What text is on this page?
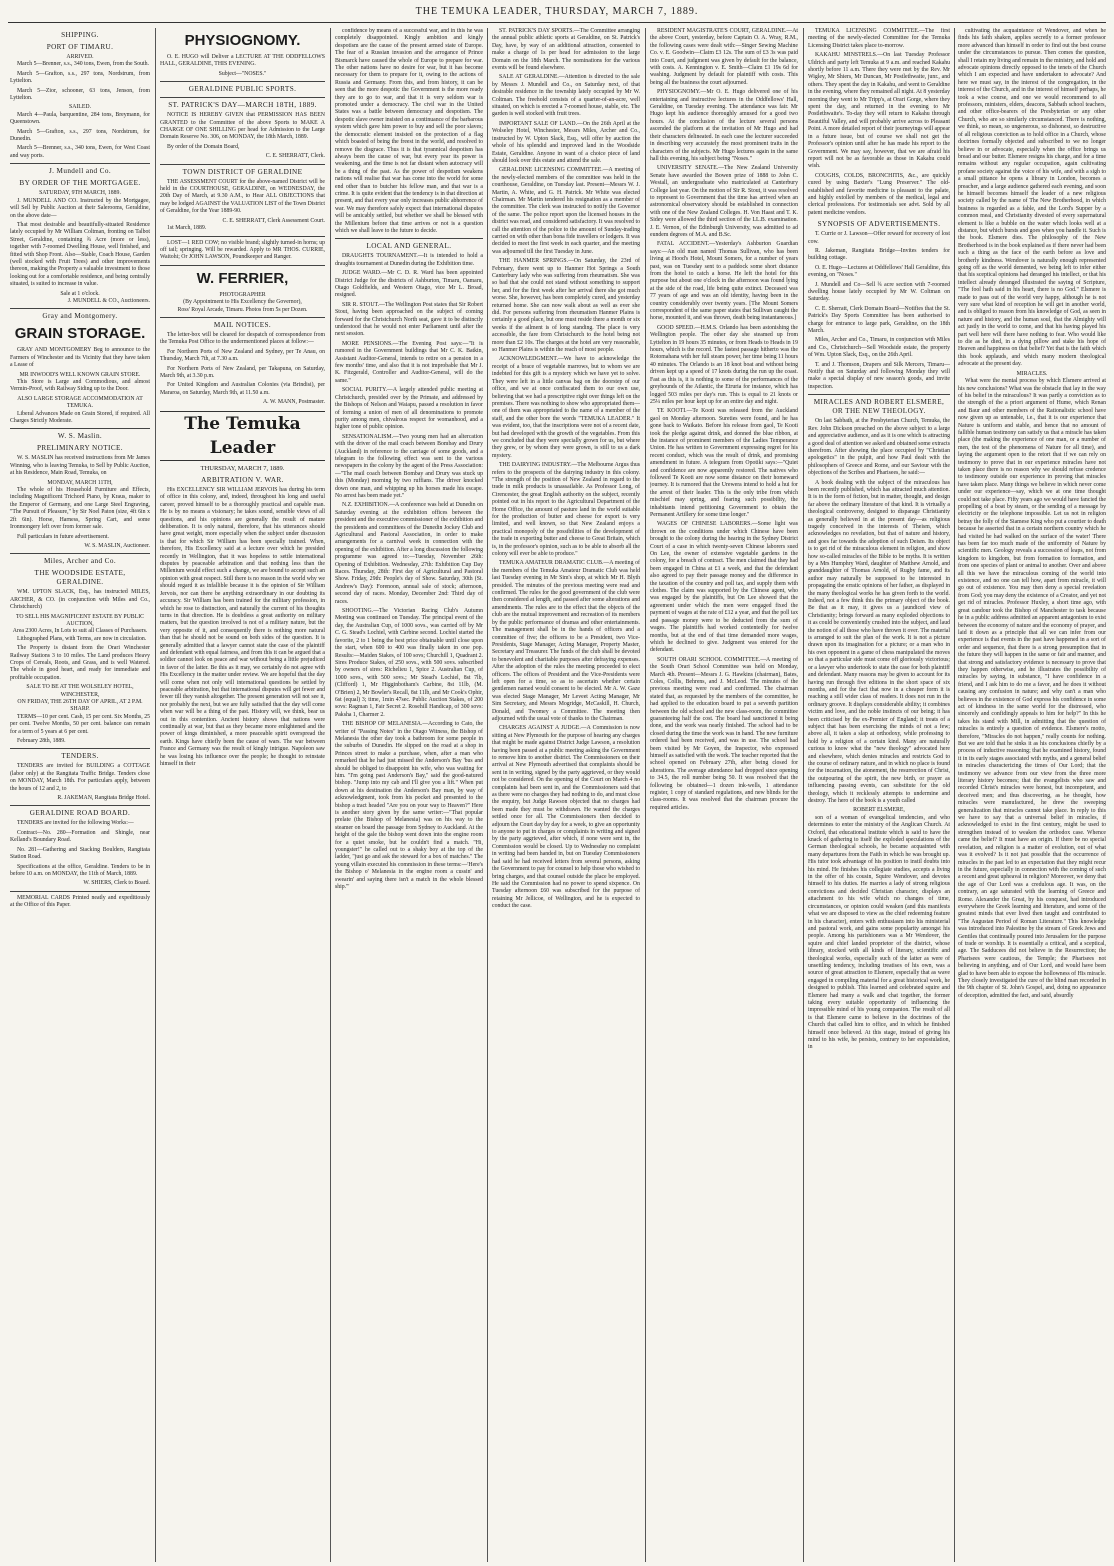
THE TEMUKA LEADER, THURSDAY, MARCH 7, 1889.
SHIPPING.
PORT OF TIMARU.
ARRIVED.

March 5—Brenner, s.s., 340 tons, Ewen, from the South.

March 5—Grafton, s.s., 297 tons, Nordstrum, from Lyttelton.

March 5—Zior, schooner, 63 tons, Jenson, from Lyttelton.

SAILED.

March 4—Paula, barquentine, 284 tons, Breymann, for Queenstown.

March 5—Grafton, s.s., 297 tons, Nordstrum, for Dunedin.

March 5—Brenner, s.s., 340 tons, Ewen, for West Coast and way ports.

J. Mundell and Co.
BY ORDER OF THE MORTGAGEE.
SATURDAY, 9TH MARCH, 1889.

J. MUNDELL AND CO. Instructed by the Mortgagee, will Sell by Public Auction at their Salerooms, Geraldine, on the above date—

That most desirable and beautifully-situated Residence lately occupied by Mr William Coltman, fronting on Talbot Street, Geraldine, containing ¾ Acre (more or less), together with 7-roomed Dwelling House, well finished, and fitted with Shop Front. Also—Stable, Coach House, Garden (well stocked with Fruit Trees) and other improvements thereon, making the Property a valuable investment to those looking out for a comfortable residence, and being centrally situated, is suited to increase in value.

Sale at 1 o'clock.
J. MUNDELL & CO., Auctioneers.
Gray and Montgomery.
GRAIN STORAGE.

GRAY AND MONTGOMERY Beg to announce to the Farmers of Winchester and its Vicinity that they have taken a Lease of

MR INWOOD'S WELL KNOWN GRAIN STORE.

This Store is Large and Commodious, and almost Vermin-Proof, with Railway Siding up to the Door.

ALSO LARGE STORAGE ACCOMMODATION AT TEMUKA.

Liberal Advances Made on Grain Stored, if required. All Charges Strictly Moderate.

W. S. Maslin.
PRELIMINARY NOTICE.

W. S. MASLIN has received instructions from Mr James Winning, who is leaving Temuka, to Sell by Public Auction, at his Residence, Main Road, Temuka, on

MONDAY, MARCH 11TH,

The whole of his Household Furniture and Effects, including Magnificent Trichord Piano, by Kraus, maker to the Emperor of Germany, and one Large Steel Engraving, "The Pursuit of Pleasure," by Sir Noel Paton (size, 4ft 6in x 2ft 6in). Horse, Harness, Spring Cart, and some Ironmongery left over from former sale.

Full particulars in future advertisement.

W. S. MASLIN, Auctioneer.
Miles, Archer and Co.
THE WOODSIDE ESTATE, GERALDINE.

WM. UPTON SLACK, Esq., has instructed MILES, ARCHER, & CO. (in conjunction with Miles and Co., Christchurch)

TO SELL HIS MAGNIFICENT ESTATE BY PUBLIC AUCTION,
Area 2300 Acres, In Lots to suit all Classes of Purchasers.

Lithographed Plans, with Terms, are now in circulation.

The Property is distant from the Orari Winchester Railway Stations 3 to 10 miles. The Land produces Heavy Crops of Cereals, Roots, and Grass, and is well Watered. The whole in good heart, and ready for immediate and profitable occupation.

SALE TO BE AT THE WOLSELEY HOTEL, WINCHESTER,
ON FRIDAY, THE 26TH DAY OF APRIL, AT 2 P.M. SHARP.

TERMS—10 per cent. Cash, 15 per cent. Six Months, 25 per cent. Twelve Months, 50 per cent. balance can remain for a term of 5 years at 6 per cent.

February 28th, 1889.

TENDERS.

TENDERS are invited for BUILDING a COTTAGE (labor only) at the Rangitata Traffic Bridge. Tenders close on MONDAY, March 18th. For particulars apply, between the hours of 12 and 2, to

R. JAKEMAN, Rangitata Bridge Hotel.
GERALDINE ROAD BOARD.

TENDERS are invited for the following Works:—

Contract—No. 280—Formation and Shingle, near Kelland's Boundary Road.

No. 281—Gathering and Stacking Boulders, Rangitata Station Road.

Specifications at the office, Geraldine. Tenders to be in before 10 a.m. on MONDAY, the 11th of March, 1889.

W. SHIERS, Clerk to Board.

MEMORIAL CARDS Printed neatly and expeditiously at the Office of this Paper.

PHYSIOGNOMY.

O. E. HUGO will Deliver a LECTURE AT THE ODDFELLOWS HALL, GERALDINE, THIS EVENING.

Subject—"NOSES."
GERALDINE PUBLIC SPORTS.
ST. PATRICK'S DAY—MARCH 18TH, 1889.

NOTICE IS HEREBY GIVEN that PERMISSION HAS BEEN GRANTED to the Committee of the above Sports to MAKE A CHARGE OF ONE SHILLING per head for Admission to the Large Domain Reserve No. 306, on MONDAY, the 18th March, 1889.

By order of the Domain Board,

C. E. SHERRATT, Clerk.
TOWN DISTRICT OF GERALDINE

THE ASSESSMENT COURT for the above-named District will be held in the COURTHOUSE, GERALDINE, on WEDNESDAY, the 20th Day of March, at 9.30 A.M., to Hear ALL OBJECTIONS that may be lodged AGAINST the VALUATION LIST of the Town District of Geraldine, for the Year 1889-90.

C. E. SHERRATT, Clerk Assessment Court.

1st March, 1889.

LOST—1 RED COW; no visible brand; slightly turned-in horns; up off tail; springing. Will be rewarded. Apply to MR THOS. CURRIE, Waitohi; Or JOHN LAWSON, Poundkeeper and Ranger.

W. FERRIER,
PHOTOGRAPHER
(By Appointment to His Excellency the Governor),
Ross' Royal Arcade, Timaru. Photos from 5s per Dozen.
MAIL NOTICES.

The letter-box will be cleared for despatch of correspondence from the Temuka Post Office to the undermentioned places at follow:—

For Northern Ports of New Zealand and Sydney, per Te Anau, on Thursday, March 7th, at 7.30 a.m.

For Northern Ports of New Zealand, per Takapuna, on Saturday, March 9th, at 3.30 p.m.

For United Kingdom and Australian Colonies (via Brindisi), per Mararoa, on Saturday, March 9th, at 11.50 a.m.

A. W. MANN, Postmaster.
The Temuka Leader
THURSDAY, MARCH 7, 1889.
ARBITRATION V. WAR.

His EXCELLENCY SIR WILLIAM JERVOIS has during his term of office in this colony, and, indeed, throughout his long and useful career, proved himself to be a thoroughly practical and capable man. He is by no means a visionary; he takes sound, sensible views of all questions, and his opinions are generally the result of mature deliberation. It is only natural, therefore, that his utterances should have great weight, more especially when the subject under discussion is that for which Sir William has been specially trained. When, therefore, His Excellency said at a lecture over which he presided recently in Wellington, that it was hopeless to settle international disputes by peaceable arbitration and that nothing less than the Millenium would effect such a change, we are bound to accept such an opinion with great respect. Still there is no reason in the world why we should regard it as infallible because it is the opinion of Sir William Jervois, nor can there be anything extraordinary in our doubting its accuracy. Sir William has been trained for the military profession, in which he rose to distinction, and naturally the current of his thoughts turns in that direction. He is doubtless a great authority on military matters, but the question involved is not of a military nature, but the very opposite of it, and consequently there is nothing more natural than that he should not be sound on both sides of the question. It is generally admitted that a lawyer cannot state the case of the plaintiff and defendant with equal fairness, and from this it can be argued that a soldier cannot look on peace and war without being a little prejudiced in favor of the latter. Be this as it may, we certainly do not agree with His Excellency in the matter under review. We are hopeful that the day will come when not only will international questions be settled by peaceable arbitration, but that international disputes will get fewer and fewer till they vanish altogether. The present generation will not see it, nor probably the next, but we are fully satisfied that the day will come when war will be a thing of the past. History will, we think, bear us out in this contention. Ancient history shows that nations were continually at war, but that as they became more enlightened and the power of kings diminished, a more peaceable spirit overspread the earth. Kings have chiefly been the cause of wars. The war between France and Germany was the result of kingly intrigue. Napoleon saw he was losing his influence over the people; he thought to reinstate himself in their

confidence by means of a successful war, and in this he was completely disappointed. Kingly ambition and kingly despotism are the cause of the present armed state of Europe. The fear of a Russian invasion and the arrogance of Prince Bismarck have caused the whole of Europe to prepare for war. The other nations have no desire for war, but it has become necessary for them to prepare for it, owing to the actions of Russia and Germany. From this, and from history, it can be seen that the more despotic the Government is the more ready they are to go to war, and that it is very seldom war is promoted under a democracy. The civil war in the United States was a battle between democracy and despotism. The despotic slave owner insisted on a continuance of the barbarous system which gave him power to buy and sell the poor slaves; the democratic element insisted on the protection of a flag which boasted of being the freest in the world, and resolved to remove the disgrace. Thus it is that tyrannical despotism has always been the cause of war, but every year its power is weakening, and the time is not far distant when autocracy will be a thing of the past. As the power of despotism weakens nations will realise that war has come into the world for some end other than to butcher his fellow man, and that war is a crime. It is quite evident that the tendency is in that direction at present, and that every year only increases public abhorrence of war. We may therefore safely expect that international disputes will be amicably settled, but whether we shall be blessed with the Millenium before that time arrives or not is a question which we shall leave to the future to decide.

LOCAL AND GENERAL.

DRAUGHTS TOURNAMENT.—It is intended to hold a draughts tournament at Dunedin during the Exhibition time.

JUDGE WARD.—Mr C. D. R. Ward has been appointed District Judge for the districts of Ashburton, Timaru, Oamaru, Otago Goldfields, and Western Otago, vice Mr L. Broad, resigned.

SIR R. STOUT.—The Wellington Post states that Sir Robert Stout, having been approached on the subject of coming forward for the Christchurch North seat, gave it to be distinctly understood that he would not enter Parliament until after the next session.

MORE PENSIONS.—The Evening Post says:—"It is rumored in the Government buildings that Mr C. K. Batkin, Assistant Auditor-General, intends to retire on a pension in a few months' time, and also that it is not improbable that Mr J. K. Fitzgerald, Controller and Auditor-General, will do the same."

SOCIAL PURITY.—A largely attended public meeting at Christchurch, presided over by the Primate, and addressed by the Bishops of Nelson and Waiapu, passed a resolution in favor of forming a union of men of all denominations to promote purity among men, chivalrous respect for womanhood, and a higher tone of public opinion.

SENSATIONALISM.—Two young men had an altercation with the driver of the mail coach between Bombay and Drury (Auckland) in reference to the carriage of some goods, and a telegram to the following effect was sent to the various newspapers in the colony by the agent of the Press Association:—"The mail coach between Bombay and Drury was stuck up this (Monday) morning by two ruffians. The driver knocked down one man, and whipping up his horses made his escape. No arrest has been made yet."

N.Z. EXHIBITION.—A conference was held at Dunedin on Saturday evening at the exhibition offices between the president and the executive commissioner of the exhibition and the presidents and committees of the Dunedin Jockey Club and Agricultural and Pastoral Association, in order to make arrangements for a carnival week in connection with the opening of the exhibition. After a long discussion the following programme was agreed to:—Tuesday, November 26th: Opening of Exhibition. Wednesday, 27th: Exhibition Cup Day Races. Thursday, 28th: First day of Agricultural and Pastoral Show. Friday, 29th: People's day of Show. Saturday, 30th (St. Andrew's Day): Forenoon, annual sale of stock; afternoon, second day of races. Monday, December 2nd: Third day of races.

SHOOTING.—The Victorian Racing Club's Autumn Meeting was continued on Tuesday. The principal event of the day, the Australian Cup, of 1000 sovs., was carried off by Mr C. G. Stead's Lochiel, with Carbine second. Lochiel started the favorite, 2 to 1 being the best price obtainable until close upon the start, when 600 to 400 was finally taken in one pop. Results:—Maiden Stakes, of 100 sovs; Churchill 1, Quadrant 2. Sires Produce Stakes, of 250 sovs., with 500 sovs. subscribed by owners of sires: Richelieu 1, Spice 2. Australian Cup, of 1000 sovs., with 500 sovs.; Mr Stead's Lochiel, 8st 7lb, (Clifford) 1, Mr Higginbotham's Carbine, 8st 11lb, (M. O'Brien) 2, Mr Bowler's Recall, 8st 11lb, and Mr Cook's Ophir, 6st (equal) 3; time, 1min 47sec. Public Auction Stakes, of 200 sovs: Ragman 1, Fair Secret 2. Rosehill Handicap, of 300 sovs: Paksha 1, Charmer 2.

THE BISHOP OF MELANESIA.—According to Cato, the writer of "Passing Notes" in the Otago Witness, the Bishop of Melanesia the other day took a bathroom for some people in the suburbs of Dunedin. He slipped on the road at a shop in Princes street to make a purchase, when, after a man who remarked that he had just missed the Anderson's Bay 'bus and should be obliged to disappoint his wife, who was waiting for him. "I'm going past Anderson's Bay," said the good-natured bishop. "Jump into my cab and I'll give you a lift." When put down at his destination the Anderson's Bay man, by way of acknowledgment, took from his pocket and presented to the bishop a tract headed "Are you on your way to Heaven?" Here is another story given by the same writer:—"That popular prelate (the Bishop of Melanesia) was on his way to the steamer on board the passage from Sydney to Auckland. At the height of the gale the bishop went down into the engine room for a quiet smoke, but he couldn't find a match. "Hi, youngster!" he called out to a shaky boy at the top of the ladder, "just go and ask the steward for a box of matches." The young villain executed his commission in these terms:—'Here's the Bishop o' Melanesia in the engine room a cussin' and swearin' and saying there isn't a match in the whole blessed ship.'"

ST. PATRICK'S DAY SPORTS.—The Committee arranging the annual public athletic sports at Geraldine, on St. Patrick's Day, have, by way of an additional attraction, consented to make a charge of 1s per head for admission to the large Domain on the 18th March. The nominations for the various events will be found elsewhere.

SALE AT GERALDINE.—Attention is directed to the sale by Messrs J. Mundell and Co., on Saturday next, of that desirable residence in the township lately occupied by Mr W. Coltman. The freehold consists of a quarter-of-an-acre, well situated, on which is erected a 7-roomed house, stable, etc. The garden is well stocked with fruit trees.

IMPORTANT SALE OF LAND.—On the 26th April at the Wolseley Hotel, Winchester, Messrs Miles, Archer and Co., instructed by W. Upton Slack, Esq., will offer by auction the whole of his splendid and improved land in the Woodside Estate, Geraldine. Anyone in want of a choice piece of land should look over this estate and attend the sale.

GERALDINE LICENSING COMMITTEE.—A meeting of the newly-elected members of the committee was held in the courthouse, Geraldine, on Tuesday last. Present—Messrs W. J. Martin, A. White, and G. H. Patrick. Mr White was elected Chairman. Mr Martin tendered his resignation as a member of the committee. The clerk was instructed to notify the Governor of the same. The police report upon the licensed houses in the district was read, and considered satisfactory. It was resolved to call the attention of the police to the amount of Sunday-trading carried on with other than bona fide travellers or lodgers. It was decided to meet the first week in each quarter, and the meeting was adjourned till the first Tuesday in June.

THE HANMER SPRINGS.—On Saturday, the 23rd of February, there went up to Hanmer Hot Springs a South Canterbury lady who was suffering from rheumatism. She was so bad that she could not stand without something to support her, and for the first week after her arrival there she got much worse. She, however, has been completely cured, and yesterday returned home. She can now walk about as well as ever she did. For persons suffering from rheumatism Hanmer Plains is certainly a good place, but one must reside there a month or six weeks if the ailment is of long standing. The place is very accessible, the fare from Christchurch to the hotel being not more than £2 10s. The charges at the hotel are very reasonable, so Hanmer Plains is within the reach of most people.

ACKNOWLEDGMENT.—We have to acknowledge the receipt of a brace of vegetable marrows, but to whom we are indebted for this gift is a mystery which we have yet to solve. They were left in a little canvas bag on the doorstep of our office, and we at once confiscated them to our own use, believing that we had a prescriptive right over things left on the premises. There was nothing to show who appropriated them—one of them was appropriated to the name of a member of the staff, and the other bore the words "TEMUKA LEADER." It was evident, too, that the inscriptions were not of a recent date, but had developed with the growth of the vegetables. From this we concluded that they were specially grown for us, but where they grew, or by whom they were grown, is still to us a dark mystery.

THE DAIRYING INDUSTRY.—The Melbourne Argus thus refers to the prospects of the dairying industry in this colony. "The strength of the position of New Zealand in regard to the trade in milk products is unassailable. As Professor Long, of Cirencester, the great English authority on the subject, recently pointed out in his report to the Agricultural Department of the Home Office, the amount of pasture land in the world suitable for the production of butter and cheese for export is very limited, and well known, so that New Zealand enjoys a practical monopoly of the possibilities of the development of the trade in exporting butter and cheese to Great Britain, which is, in the professor's opinion, such as to be able to absorb all the colony will ever be able to produce."

TEMUKA AMATEUR DRAMATIC CLUB.—A meeting of the members of the Temuka Amateur Dramatic Club was held last Tuesday evening in Mr Sim's shop, at which Mr H. Blyth presided. The minutes of the previous meeting were read and confirmed. The rules for the good government of the club were then considered at length, and passed after some alterations and amendments. The rules are to the effect that the objects of the club are the mutual improvement and recreation of its members by the public performance of dramas and other entertainments. The management shall be in the hands of officers and a committee of five; the officers to be a President, two Vice-Presidents, Stage Manager, Acting Manager, Property Master, Secretary and Treasurer. The funds of the club shall be devoted to benevolent and charitable purposes after defraying expenses. After the adoption of the rules the meeting proceeded to elect officers. The offices of President and the Vice-Presidents were left open for a time, so as to ascertain whether certain gentlemen named would consent to be elected. Mr A. W. Gaze was elected Stage Manager, Mr Leveet Acting Manager, Mr Sim Secretary, and Messrs Mogridge, McCaskill, H. Church, Donald, and Twomey a Committee. The meeting then adjourned with the usual vote of thanks to the Chairman.

CHARGES AGAINST A JUDGE.—A Commission is now sitting at New Plymouth for the purpose of hearing any charges that might be made against District Judge Lawson, a resolution having been passed at a public meeting asking the Government to remove him to another district. The Commissioners on their arrival at New Plymouth advertised that complaints should be sent in in writing, signed by the party aggrieved, or they would not be considered. On the opening of the Court on March 4 no complaints had been sent in, and the Commissioners said that as there were no charges they had nothing to do, and must close the enquiry, but Judge Rawson objected that no charges had been made they must be withdrawn. He wanted the charges settled once for all. The Commissioners then decided to adjourn the Court day by day for a week, to give an opportunity to anyone to put in charges or complaints in writing and signed by the party aggrieved, after which, if none were sent in, the Commission would be closed. Up to Wednesday no complaint in writing had been handed in, but on Tuesday Commissioners had said he had received letters from several persons, asking the Government to pay for counsel to help those who wished to bring charges, and that counsel outside the place be employed. He said the Commission had no power to spend sixpence. On Tuesday afternoon £60 was subscribed for the purpose of retaining Mr Jellicoe, of Wellington, and he is expected to conduct the case.

RESIDENT MAGISTRATE'S COURT, GERALDINE.—At the above Court, yesterday, before Captain O. A. Wray, R.M., the following cases were dealt with:—Singer Sewing Machine Co. v. E. Goodwin—Claim £3 12s. The sum of £3 3s was paid into Court, and judgment was given by default for the balance, with costs. A. Kennington v. E. Smith—Claim £1 19s 6d for washing. Judgment by default for plaintiff with costs. This being all the business the court adjourned.

PHYSIOGNOMY.—Mr O. E. Hugo delivered one of his entertaining and instructive lectures in the Oddfellows' Hall, Geraldine, on Tuesday evening. The attendance was fair. Mr Hugo kept his audience thoroughly amused for a good two hours. At the conclusion of the lecture several persons ascended the platform at the invitation of Mr Hugo and had their characters delineated. In each case the lecturer succeeded in describing very accurately the most prominent traits in the characters of the subjects. Mr Hugo lectures again in the same hall this evening, his subject being "Noses."

UNIVERSITY SENATE.—The New Zealand University Senate have awarded the Bowen prize of 1888 to John C. Westall, an undergraduate who matriculated at Canterbury College last year. On the motion of Sir R. Stout, it was resolved to represent to Government that the time has arrived when an astronomical observatory should be established in connection with one of the New Zealand Colleges. H. Von Haast and T. K. Sidey were allowed the third section of the LL.B. examination. J. E. Vernon, of the Edinburgh University, was admitted to ad eundem degrees of M.A. and B.Sc.

FATAL ACCIDENT.—Yesterday's Ashburton Guardian says:—An old man named Thomas Sullivan, who has been living at Hood's Hotel, Mount Somers, for a number of years past, was on Tuesday sent to a paddock some short distance from the hotel to catch a horse. He left the hotel for this purpose but about one o'clock in the afternoon was found lying at the side of the road, life being quite extinct. Deceased was 77 years of age and was an old identity, having been in the country considerably over twenty years. [The Mount Somers correspondent of the same paper states that Sullivan caught the horse, mounted it, and was thrown, death being instantaneous.]

GOOD SPEED.—H.M.S. Orlando has been astonishing the Wellington people. The other day she steamed up from Lyttelton in 19 hours 35 minutes, or from Heads to Heads in 19 hours, which is the record. The fastest passage hitherto was the Rotomahana with her full steam power, her time being 11 hours 40 minutes. The Orlando is an 18 knot boat and without being driven kept up a speed of 17 knots during the run up the coast. Fast as this is, it is nothing to some of the performances of the greyhounds of the Atlantic, the Etruria for instance, which has logged 503 miles per day's run. This is equal to 21 knots or 25¼ miles per hour kept up for an entire day and night.

TE KOOTI.—Te Kooti was released from the Auckland gaol on Monday afternoon. Sureties were found, and he has gone back to Waikato. Before his release from gaol, Te Kooti took the pledge against drink, and donned the blue ribbon, at the instance of prominent members of the Ladies Temperance Union. He has written to Government expressing regret for his recent conduct, which was the result of drink, and promising amendment in future. A telegram from Opotiki says:—"Quiet and confidence are now apparently restored. The natives who followed Te Kooti are now some distance on their homeward journey. It is rumored that the Urewera intend to hold a hui for the arrest of their leader. This is the only tribe from which mischief may spring, and fearing such possibility, the inhabitants intend petitioning Government to obtain the Permanent Artillery for some time longer."

WAGES OF CHINESE LABORERS.—Some light was thrown on the conditions under which Chinese have been brought to the colony during the hearing in the Sydney District Court of a case in which twenty-seven Chinese laborers sued On Lee, the owner of extensive vegetable gardens in the colony, for a breach of contract. The men claimed that they had been engaged in China at £1 a week, and that the defendant also agreed to pay their passage money and the difference in the taxation of the country and poll tax, and supply them with clothes. The claim was supported by the Chinese agent, who was engaged by the plaintiffs, but On Lee showed that the agreement under which the men were engaged fixed the payment of wages at the rate of £12 a year, and that the poll tax and passage money were to be deducted from the sum of wages. The plaintiffs had worked contentedly for twelve months, but at the end of that time demanded more wages, which he declined to give. Judgment was entered for the defendant.

SOUTH ORARI SCHOOL COMMITTEE.—A meeting of the South Orari School Committee was held on Monday, March 4th. Present—Messrs J. G. Hawkins (chairman), Bates, Coles, Collis, Behrens, and J. McLeod. The minutes of the previous meeting were read and confirmed. The chairman stated that, as requested by the members of the committee, he had applied to the education board to put a seventh partition between the old school and the new class-room, the committee guaranteeing half the cost. The board had sanctioned it being done, and the work was nearly finished. The school had to be closed during the time the work was in hand. The new furniture ordered had been received, and was in use. The school had been visited by Mr Goyen, the Inspector, who expressed himself as satisfied with the work. The teacher reported that the school opened on February 27th, after being closed for alterations. The average attendance had dropped since opening to 34.5, the roll number being 50. It was resolved that the following be obtained—1 dozen ink-wells, 1 attendance register, 1 copy of standard regulations, and new blinds for the class-rooms. It was resolved that the chairman procure the required articles.

TEMUKA LICENSING COMMITTEE.—The first meeting of the newly-elected Committee for the Temuka Licensing District takes place to-morrow.

KAKAHU MINSTRELS.—On last Tuesday Professor Uldrich and party left Temuka at 9 a.m. and reached Kakahu shortly before 11 a.m. There they were met by the Rev. Mr Wigley, Mr Shiers, Mr Duncan, Mr Postlethwaite, junr., and others. They spent the day in Kakahu, and went to Geraldine in the evening, where they remained all night. At 8 yesterday morning they went to Mr Tripp's, at Orari Gorge, where they spent the day, and returned in the evening to Mr Postlethwaite's. To-day they will return to Kakahu through Beautiful Valley, and will probably arrive across to Pleasant Point. A more detailed report of their journeyings will appear in a future issue, but of course we shall not get the Professor's opinion until after he has made his report to the Government. We may say, however, that we are afraid his report will not be as favorable as those in Kakahu could wish.

COUGHS, COLDS, BRONCHITIS, &c., are quickly cured by using Baxter's "Lung Preserver." The old-established and favorite medicine is pleasant to the palate, and highly extolled by members of the medical, legal and clerical professions. For testimonials see advt. Sold by all patent medicine vendors.

SYNOPSIS OF ADVERTISEMENTS.

T. Currie or J. Lawson—Offer reward for recovery of lost cow.

R. Jakeman, Rangitata Bridge—Invites tenders for building cottage.

O. E. Hugo—Lectures at Oddfellows' Hall Geraldine, this evening, on "Noses."

J. Mundell and Co—Sell ¾ acre section with 7-roomed dwelling house lately occupied by Mr W. Coltman on Saturday.

C. E. Sherratt, Clerk Domain Board—Notifies that the St. Patrick's Day Sports Committee has been authorised to charge for entrance to large park, Geraldine, on the 18th March.

Miles, Archer and Co., Timaru, in conjunction with Miles and Co., Christchurch—Sell Woodside estate, the property of Wm. Upton Slack, Esq., on the 26th April.

T. and J. Thomson, Drapers and Silk Mercers, Timaru—Notify that on Saturday and following Monday they will make a special display of new season's goods, and invite inspection.

MIRACLES AND ROBERT ELSMERE, OR THE NEW THEOLOGY.

On last Sabbath, at the Presbyterian Church, Temuka, the Rev. John Dickson preached on the above subject to a large and appreciative audience, and as it is one which is attracting a good deal of attention we asked and obtained some extracts therefrom. After showing the place occupied by "Christian apologetics" in the pulpit, and how Paul dealt with the philosophers of Greece and Rome, and our Saviour with the objections of the Scribes and Pharisees, he said:—

A book dealing with the subject of the miraculous has been recently published, which has attracted much attention. It is in the form of fiction, but in matter, thought, and design far above the ordinary literature of that kind. It is virtually a theological controversy, designed to disparage Christianity as generally believed in at the present day—as religious tragedy conceived in the interests of Theism, which acknowledges no revelation, but that of nature and history, and goes far towards the adoption of such Deism. Its object is to get rid of the miraculous element in religion, and show how so-called miracles of the Bible to be myths. It is written by a Mrs Humphry Ward, daughter of Matthew Arnold, and granddaughter of Thomas Arnold, of Rugby fame, and its author may naturally be supposed to be interested in propagating the erratic opinions of her father, as displayed in the many theological works he has given forth to the world. Indeed, not a few think this the primary object of the book. Be that as it may, it gives us a jaundiced view of Christianity; brings forward as many exploded objections to it as could be conveniently crushed into the subject, and laud the notion of all those who have thrown it over. The material is arranged to suit the plan of the work. It is not a picture drawn upon its imagination for a picture; or a man who in his own opponent in a game of chess manipulated the moves so that a particular side must come off gloriously victorious; or a lawyer who undertook to state the case for both plaintiff and defendant. Many reasons may be given to account for its having run through five editions in the short space of six months, and for the fact that now in a cheaper form it is reaching a still wider class of readers. It does not run in the ordinary groove. It displays considerable ability; it combines victim and love, and the noble instincts of our being; it has been criticised by the ex-Premier of England; it treats of a subject that has been exercising the minds of not a few; above all, it takes a slap at orthodoxy, while professing to hold by a religion of a certain kind. Many are naturally curious to know what the "new theology" advocated here and elsewhere, which denies miracles and restricts God to the course of ordinary nature, and in which no place is found for the incarnation, the atonement, the resurrection of Christ, the outpouring of the spirit, the new birth, or prayer as influencing passing events, can substitute for the old theology, which it recklessly attempts to undermine and destroy. The hero of the book is a youth called

ROBERT ELSMERE,

son of a woman of evangelical tendencies, and who determines to enter the ministry of the Anglican Church. At Oxford, that educational institute which is said to have the knack of gathering to itself the exploded speculations of the German theological schools, he became acquainted with many departures from the Faith in which he was brought up. His tutor took advantage of his position to instil doubts into his mind. He finishes his collegiate studies, accepts a living in the offer of his cousin, Squire Wendover, and devotes himself to his duties. He marries a lady of strong religious convictions and decided Christian character, displays an attachment to his wife which no changes of time, circumstances, or opinion could weaken (and this manifests what we are disposed to view as the chief redeeming feature in his character), enters with enthusiasm into his ministerial and pastoral work, and gains some popularity amongst his people. Among his parishioners was a Mr Wendover, the squire and chief landed proprietor of the district, whose library, stocked with all kinds of literary, scientific and theological works, especially such of the latter as were of unsettling tendency, including treatises of his own, was a source of great attraction to Elsmere, especially that as wave engaged in compiling material for a great historical work, he designed to publish. This learned and celebrated squire and Elsmere had many a walk and chat together, the former taking every suitable opportunity of influencing the impressible mind of his young companion. The result of all is that Elsmere came to believe in the doctrines of the Church that called him to office, and in which he finished himself once believed. At this stage, instead of giving his mind to his wife, he persists, contrary to her expostulation, in

cultivating the acquaintance of Wendover, and when he finds his faith shaken, applies secretly to a former professor more advanced than himself in order to find out the best course under the circumstances to pursue. Then comes the question, shall I retain my living and remain in the ministry, and hold and advocate opinions directly opposed to the tenets of the Church which I am expected and have undertaken to advocate? And here we must say, in the interest of the congregation, in the interest of the Church, and in the interest of himself perhaps, he took a wise course, and one we would recommend to all professors, ministers, elders, deacons, Sabbath school teachers, and other office-bearers of the Presbyterian or any other Church, who are so similarly circumstanced. There is nothing, we think, so mean, so ungenerous, so dishonest, so destructive of all religious conviction as to hold office in a Church, whose doctrines formally objected and subscribed to we no longer believe in or advocate, especially when the office brings us bread and our butter. Elsmere resigns his charge, and for a time remains without any regular occupation, again cultivating profane society against the voice of his wife, and with a sigh to a small pittance he opens a library in London, becomes a preacher, and a large audience gathered each evening, and soon he himself becomes himself the leader of a new religious society called by the name of The New Brotherhood, in which business is regarded as a fable, and the Lord's Supper by a common meal, and Christianity divested of every supernatural element is like a bubble on the water which looks well at a distance, but which bursts and goes when you handle it. Such is the book. Elsmere dies. The philosophy of the New Brotherhood is in the book explained as if there never had been such a thing as the face of the earth before as love and brotherly kindness. Wendover is naturally enough represented going off as the world demented, we being left to infer either that his sceptical opinions had deranged his intellect, or that his intellect already deranged illustrated the saying of Scripture, "The fool hath said in his heart, there is no God." Elsmere is made to pass out of the world very happy, although he is not very sure what kind of reception he will get in another world, and is obliged to reason from his knowledge of God, as seen in nature and history, and the human soul, that the Almighty will act justly in the world to come, and that his having played his part well here will there have nothing to fear. Who would like to die as he died, in a dying pillow and stake his hope of Heaven and happiness on that belief? Yet that is the faith which this book applauds, and which many modern theological advocate at the present day.

MIRACLES.

What were the mental process by which Elsmere arrived at his new conclusions? What was the obstacle that lay in the way of his belief in the miraculous? It was partly a conviction as to the strength of the a priori argument of Hume, which Renan and Baur and other members of the Rationalistic school have now given up as untenable, i.e., that it is our experience that Nature is uniform and stable, and hence that no amount of fallible human testimony can satisfy us that a miracle has taken place (the making the experience of one man, or a number of men, the test of the phenomena of Nature for all time), and laying the argument open to the retort that if we can rely on testimony to prove that in our experience miracles have not taken place there is no reason why we should refuse credence to testimony outside our experience in proving that miracles have taken place. Many things we believe in which never come under our experience—say, which we at one time thought could not take place. Fifty years ago we would have fancied the propelling of a boat by steam, or the sending of a message by electricity or the telephone impossible. Let us not in religion betray the folly of the Siamese King who put a courtier to death because he asserted that in a certain northern country which he had visited he had walked on the surface of the water! There has been far too much made of the uniformity of Nature by scientific men. Geology reveals a succession of leaps, not from kingdom to kingdom, but from formation to formation, and from one species of plant or animal to another. Over and above all this we have the miraculous coming of the world into existence, and no one can tell how, apart from miracle, it will go out of existence. You may then deny a special revelation from God; you may deny the existence of a Creator, and yet not get rid of miracles. Professor Huxley, a short time ago, with great candour took the Bishop of Manchester to task because he in a public address admitted an apparent antagonism to exist between the economy of nature and the economy of prayer, and laid it down as a principle that all we can infer from our experience is that events in the past have happened in a sort of order and sequence, that there is a strong presumption that in the future they will happen in the same or fair and manner, and that strong and satisfactory evidence is necessary to prove that they happen otherwise, and he illustrates the possibility of miracles by saying, in substance, "I have confidence in a friend, and I ask him to do me a favor, and he does it without causing any confusion in nature; and why can't a man who believes in the existence of God express his confidence in some act of kindness in the same world for the distressed, who sincerely and confidingly appeals to him for help?" In this he takes his stand with Mill, in admitting that the question of miracles is entirely a question of evidence. Elsmere's motto, therefore, "Miracles do not happen," really counts for nothing. But we are told that he sinks it as his conclusions chiefly by a process of inductive reasoning; that he examined history, found it in its early stages associated with myths, and a general belief in miracles characterizing the times of Our Lord; that the testimony we advance from our view from the three more literary history becomes; that the evangelists who saw and recorded Christ's miracles were honest, but incompetent, and deceived men; and thus discovering, as he thought, how miracles were manufactured, he drew the sweeping generalization that miracles cannot take place. In reply to this we have to say that a universal belief in miracles, if acknowledged to exist in the first century, might be used to strengthen instead of to weaken the orthodox case. Whence came the belief? It must have an origin. If there be no special revelation, and religion is a matter of evolution, out of what was it evolved? Is it not just possible that the occurrence of miracles in the past led to an expectation that they might recur in the future, especially in connection with the coming of such a recent and great upheaval in religion? Moreover, we deny that the age of Our Lord was a credulous age. It was, on the contrary, an age saturated with the learning of Greece and Rome. Alexander the Great, by his conquest, had introduced everywhere the Greek learning and literature, and some of the greatest minds that ever lived then taught and contributed to "The Augustan Period of Roman Literature." This knowledge was introduced into Palestine by the stream of Greek Jews and Gentiles that continually poured into Jerusalem for the purpose of trade or worship. It is essentially a critical, and a sceptical, age. The Sadducees did not believe in the Resurrection; the Pharisees were cautious, the Temple; the Pharisees not believing in anything, and of Our Lord, and would have been glad to have been able to expose the hollowness of His miracle. They closely investigated the cure of the blind man recorded in the 9th chapter of St. John's Gospel, and, doing no appearance of deception, admitted the fact, and said, absurdly
